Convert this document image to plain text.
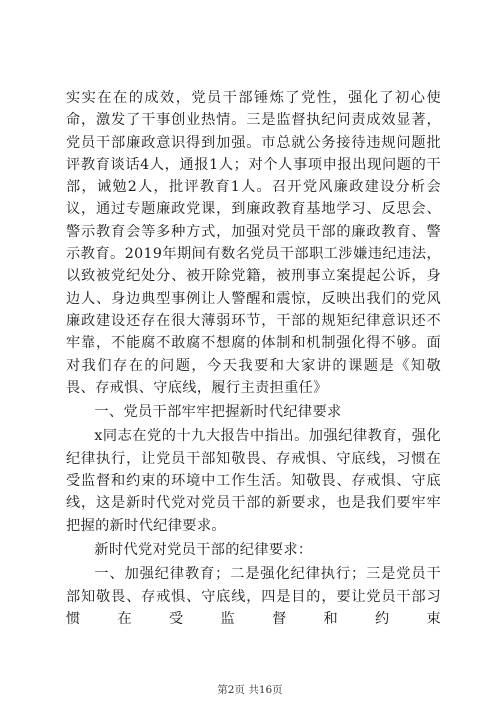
实实在在的成效，党员干部锤炼了党性，强化了初心使命，激发了干事创业热情。三是监督执纪问责成效显著，党员干部廉政意识得到加强。市总就公务接待违规问题批评教育谈话4人，通报1人；对个人事项申报出现问题的干部，诫勉2人，批评教育1人。召开党风廉政建设分析会议，通过专题廉政党课，到廉政教育基地学习、反思会、警示教育会等多种方式，加强对党员干部的廉政教育、警示教育。2019年期间有数名党员干部职工涉嫌违纪违法，以致被党纪处分、被开除党籍，被刑事立案提起公诉，身边人、身边典型事例让人警醒和震惊，反映出我们的党风廉政建设还存在很大薄弱环节，干部的规矩纪律意识还不牢靠，不能腐不敢腐不想腐的体制和机制强化得不够。面对我们存在的问题，今天我要和大家讲的课题是《知敬畏、存戒惧、守底线，履行主责担重任》

一、党员干部牢牢把握新时代纪律要求

x同志在党的十九大报告中指出。加强纪律教育，强化纪律执行，让党员干部知敬畏、存戒惧、守底线，习惯在受监督和约束的环境中工作生活。知敬畏、存戒惧、守底线，这是新时代党对党员干部的新要求，也是我们要牢牢把握的新时代纪律要求。

新时代党对党员干部的纪律要求：

一、加强纪律教育；二是强化纪律执行；三是党员干部知敬畏、存戒惧、守底线，四是目的，要让党员干部习惯在受监督和约束

第2页 共16页
